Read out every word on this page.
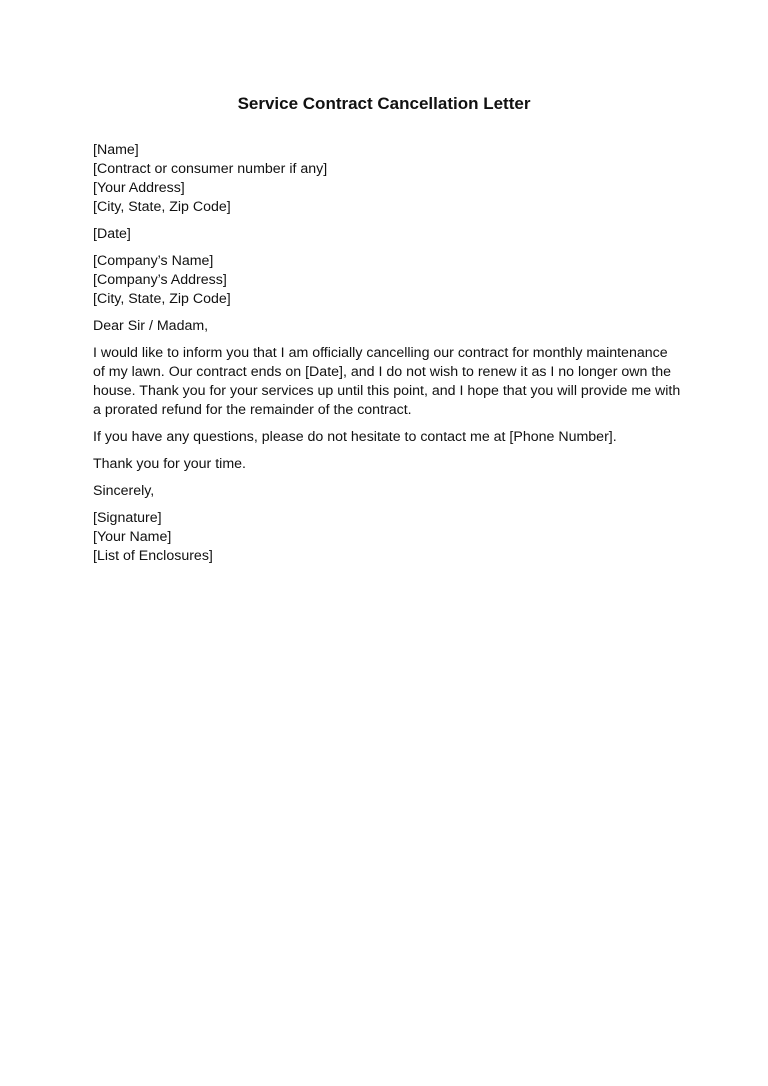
Service Contract Cancellation Letter
[Name]
[Contract or consumer number if any]
[Your Address]
[City, State, Zip Code]
[Date]
[Company’s Name]
[Company’s Address]
[City, State, Zip Code]
Dear Sir / Madam,
I would like to inform you that I am officially cancelling our contract for monthly maintenance
of my lawn. Our contract ends on [Date], and I do not wish to renew it as I no longer own the
house. Thank you for your services up until this point, and I hope that you will provide me with
a prorated refund for the remainder of the contract.
If you have any questions, please do not hesitate to contact me at [Phone Number].
Thank you for your time.
Sincerely,
[Signature]
[Your Name]
[List of Enclosures]
